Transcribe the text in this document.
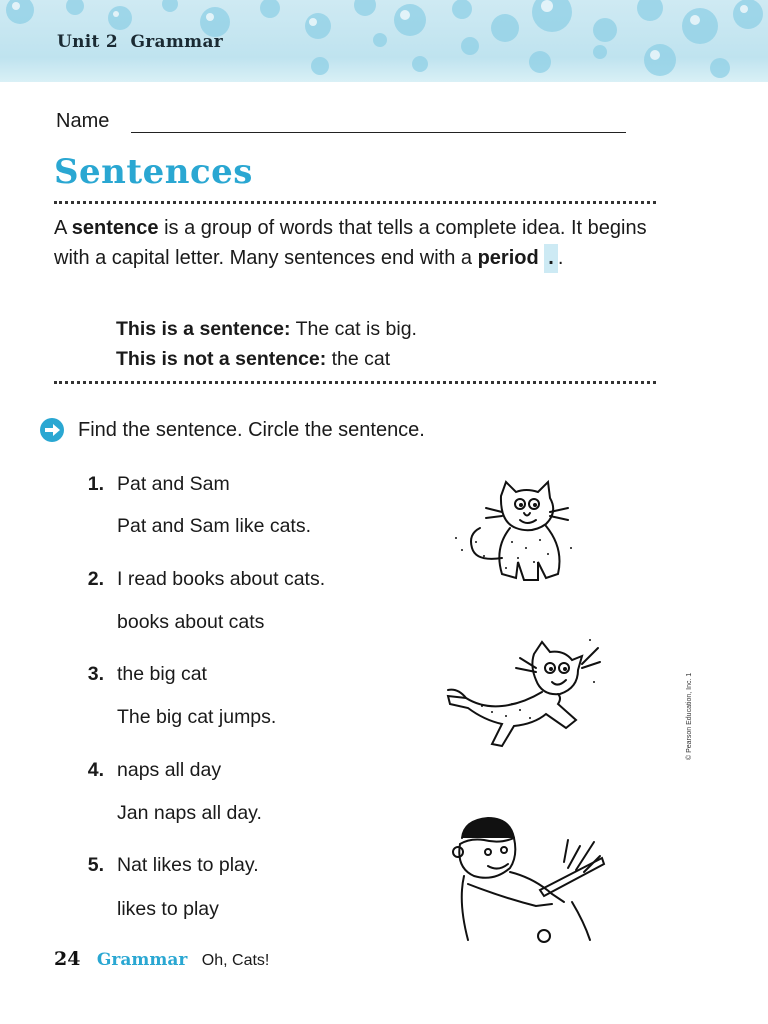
Unit 2 Grammar
Name
Sentences
A sentence is a group of words that tells a complete idea. It begins with a capital letter. Many sentences end with a period . .
This is a sentence: The cat is big.
This is not a sentence: the cat
Find the sentence. Circle the sentence.
1. Pat and Sam
Pat and Sam like cats.
2. I read books about cats.
books about cats
3. the big cat
The big cat jumps.
4. naps all day
Jan naps all day.
5. Nat likes to play.
likes to play
© Pearson Education, Inc. 1
24 Grammar Oh, Cats!
